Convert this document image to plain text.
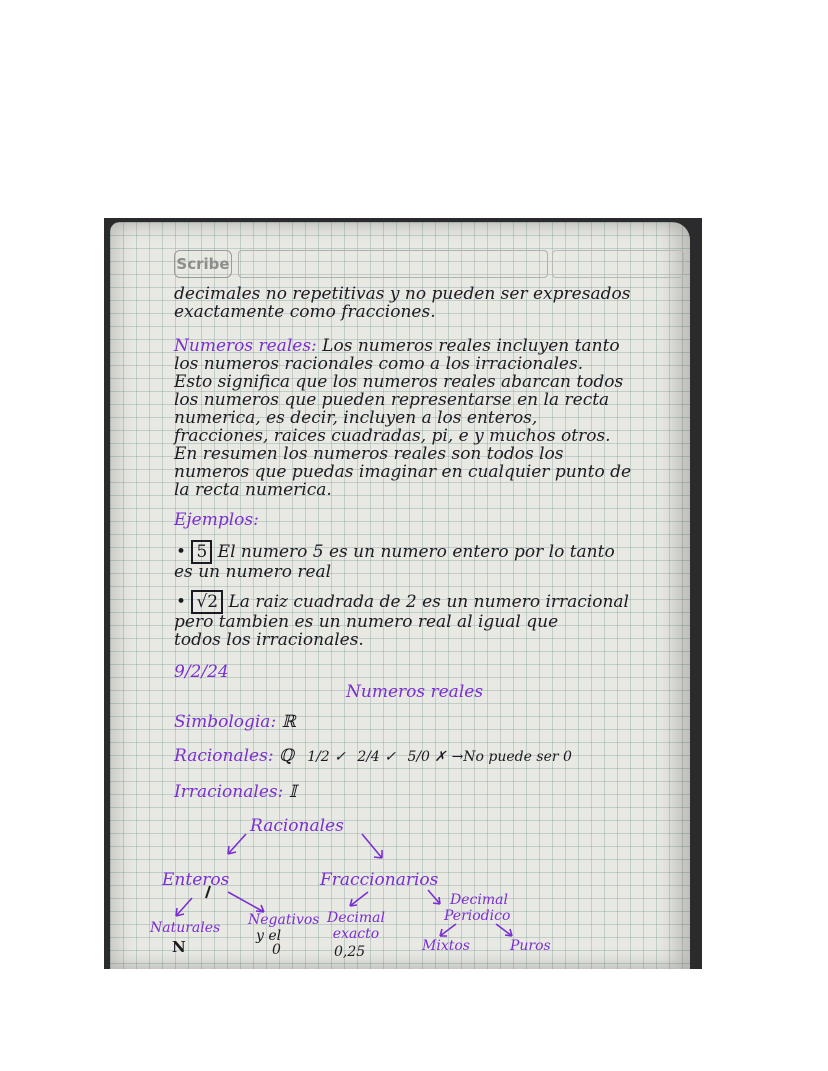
Scribe
decimales no repetitivas y no pueden ser expresados
exactamente como fracciones.
Numeros reales: Los numeros reales incluyen tanto
los numeros racionales como a los irracionales.
Esto significa que los numeros reales abarcan todos
los numeros que pueden representarse en la recta
numerica, es decir, incluyen a los enteros,
fracciones, raices cuadradas, pi, e y muchos otros.
En resumen los numeros reales son todos los
numeros que puedas imaginar en cualquier punto de
la recta numerica.
Ejemplos:
• 5 El numero 5 es un numero entero por lo tanto
es un numero real
• √2 La raiz cuadrada de 2 es un numero irracional
pero tambien es un numero real al igual que
todos los irracionales.
9/2/24
Numeros reales
Simbologia: ℝ
Racionales: ℚ 1/2 ✓ 2/4 ✓ 5/0 ✗ →No puede ser 0
Irracionales: 𝕀
Racionales
Enteros	Fraccionarios
Naturales
N
Negativos
y el
0
Decimal exacto
0,25
Decimal
Periodico
Mixtos	Puros
